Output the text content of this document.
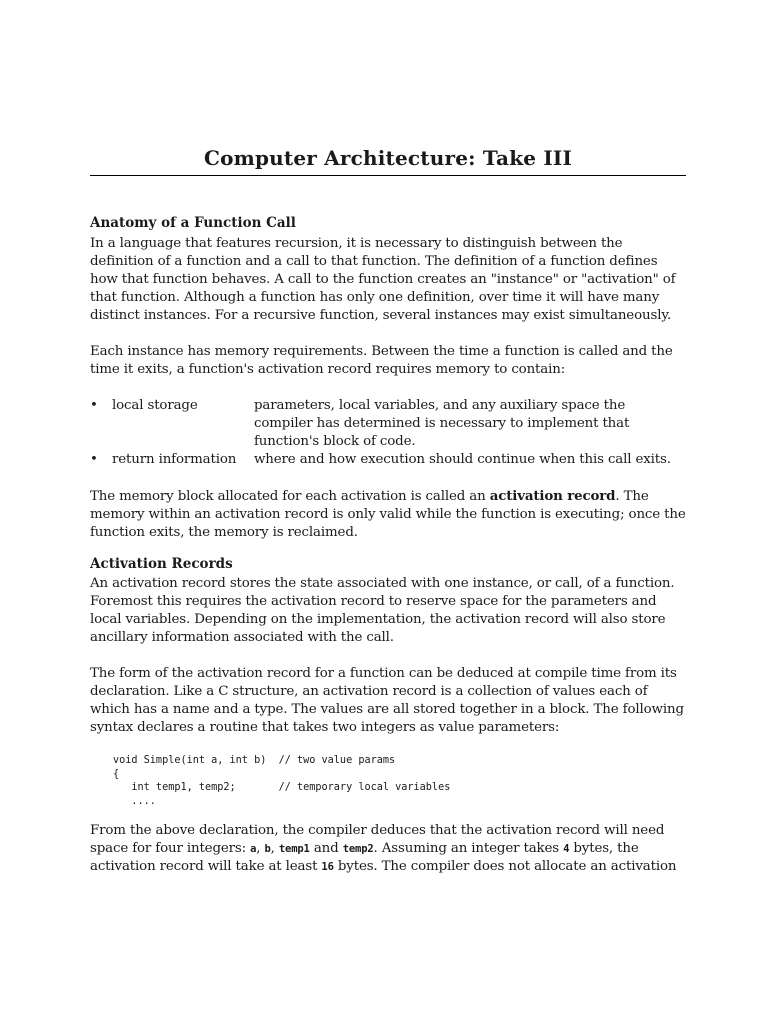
Computer Architecture: Take III
Anatomy of a Function Call

In a language that features recursion, it is necessary to distinguish between the definition of a function and a call to that function. The definition of a function defines how that function behaves. A call to the function creates an "instance" or "activation" of that function. Although a function has only one definition, over time it will have many distinct instances. For a recursive function, several instances may exist simultaneously.

Each instance has memory requirements. Between the time a function is called and the time it exits, a function's activation record requires memory to contain:

•	local storage	parameters, local variables, and any auxiliary space the compiler has determined is necessary to implement that function's block of code.
•	return information	where and how execution should continue when this call exits.

The memory block allocated for each activation is called an activation record. The memory within an activation record is only valid while the function is executing; once the function exits, the memory is reclaimed.

Activation Records

An activation record stores the state associated with one instance, or call, of a function. Foremost this requires the activation record to reserve space for the parameters and local variables. Depending on the implementation, the activation record will also store ancillary information associated with the call.

The form of the activation record for a function can be deduced at compile time from its declaration. Like a C structure, an activation record is a collection of values each of which has a name and a type. The values are all stored together in a block. The following syntax declares a routine that takes two integers as value parameters:

void Simple(int a, int b)  // two value params
{
int temp1, temp2;       // temporary local variables
....

From the above declaration, the compiler deduces that the activation record will need space for four integers: a, b, temp1 and temp2. Assuming an integer takes 4 bytes, the activation record will take at least 16 bytes. The compiler does not allocate an activation
